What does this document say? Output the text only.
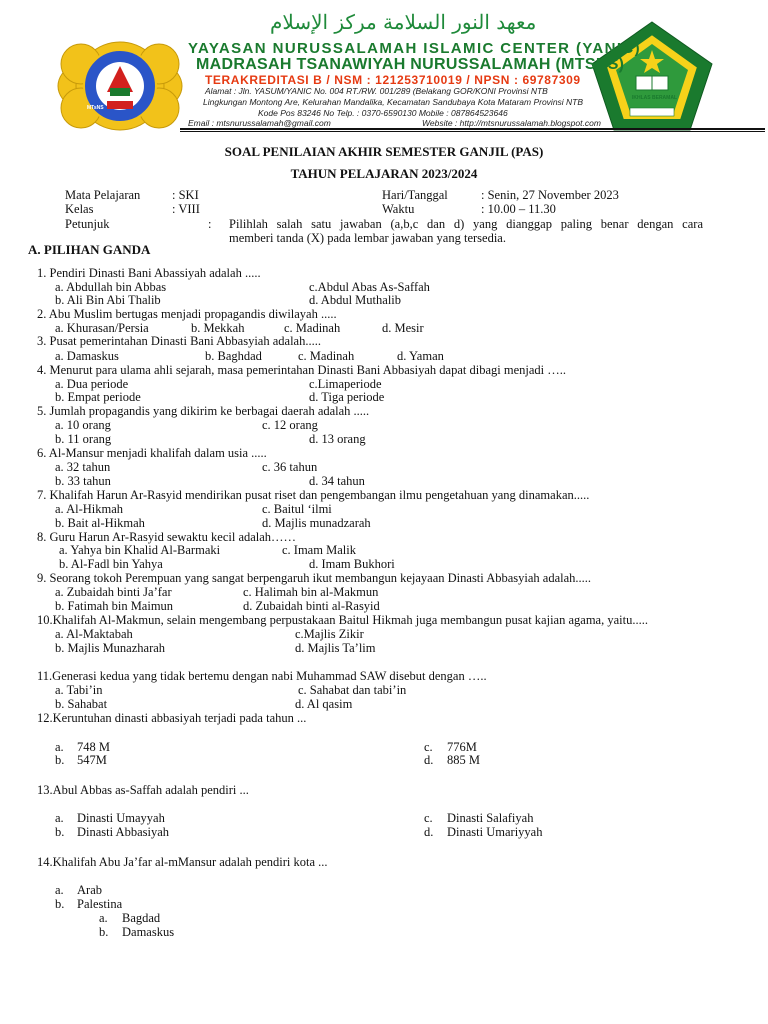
معهد النور السلامة مركز الإسلام
MTsNS
IKHLAS BERAMAL
YAYASAN NURUSSALAMAH ISLAMIC CENTER (YANIC)
MADRASAH TSANAWIYAH NURUSSALAMAH (MTSNS)
TERAKREDITASI B / NSM : 121253710019 / NPSN : 69787309
Alamat : Jln. YASUM/YANIC No. 004 RT./RW. 001/289 (Belakang GOR/KONI Provinsi NTB
Lingkungan Montong Are, Kelurahan Mandalika, Kecamatan Sandubaya Kota Mataram Provinsi NTB
Kode Pos 83246 No Telp. : 0370-6590130 Mobile : 087864523646
Email : mtsnurussalamah@gmail.com	Website : http://mtsnurussalamah.blogspot.com
SOAL PENILAIAN AKHIR SEMESTER GANJIL (PAS)
TAHUN PELAJARAN 2023/2024
Mata Pelajaran	: SKI	Hari/Tanggal	: Senin, 27 November 2023
Kelas	: VIII	Waktu	: 10.00 – 11.30
Petunjuk	: Pilihlah salah satu jawaban (a,b,c dan d) yang dianggap paling benar dengan cara
memberi tanda (X) pada lembar jawaban yang tersedia.
A. PILIHAN GANDA
1. Pendiri Dinasti Bani Abassiyah adalah .....
a. Abdullah bin Abbas	c.Abdul Abas As-Saffah
b. Ali Bin Abi Thalib	d. Abdul Muthalib
2. Abu Muslim bertugas menjadi propagandis diwilayah .....
a. Khurasan/Persia	b. Mekkah	c. Madinah	d. Mesir
3. Pusat pemerintahan Dinasti Bani Abbasyiah adalah.....
a. Damaskus	b. Baghdad	c. Madinah	d. Yaman
4. Menurut para ulama ahli sejarah, masa pemerintahan Dinasti Bani Abbasiyah dapat dibagi menjadi …..
a. Dua periode	c.Limaperiode
b. Empat periode	d. Tiga periode
5. Jumlah propagandis yang dikirim ke berbagai daerah adalah .....
a. 10 orang	c. 12 orang
b. 11 orang	d. 13 orang
6. Al-Mansur menjadi khalifah dalam usia .....
a. 32 tahun	c. 36 tahun
b. 33 tahun	d. 34 tahun
7. Khalifah Harun Ar-Rasyid mendirikan pusat riset dan pengembangan ilmu pengetahuan yang dinamakan.....
a. Al-Hikmah	c. Baitul ‘ilmi
b. Bait al-Hikmah	d. Majlis munadzarah
8. Guru Harun Ar-Rasyid sewaktu kecil adalah……
a. Yahya bin Khalid Al-Barmaki	c. Imam Malik
b. Al-Fadl bin Yahya	d. Imam Bukhori
9. Seorang tokoh Perempuan yang sangat berpengaruh ikut membangun kejayaan Dinasti Abbasyiah adalah.....
a. Zubaidah binti Ja’far	c. Halimah bin al-Makmun
b. Fatimah bin Maimun	d. Zubaidah binti al-Rasyid
10.Khalifah Al-Makmun, selain mengembang perpustakaan Baitul Hikmah juga membangun pusat kajian agama, yaitu.....
a. Al-Maktabah	c.Majlis Zikir
b. Majlis Munazharah	d. Majlis Ta’lim
11.Generasi kedua yang tidak bertemu dengan nabi Muhammad SAW disebut dengan …..
a. Tabi’in	c. Sahabat dan tabi’in
b. Sahabat	d. Al qasim
12.Keruntuhan dinasti abbasiyah terjadi pada tahun ...
a. 748 M	c. 776M
b. 547M	d. 885 M
13.Abul Abbas as-Saffah adalah pendiri ...
a. Dinasti Umayyah	c. Dinasti Salafiyah
b. Dinasti Abbasiyah	d. Dinasti Umariyyah
14.Khalifah Abu Ja’far al-mMansur adalah pendiri kota ...
a. Arab
b. Palestina
a. Bagdad
b. Damaskus
